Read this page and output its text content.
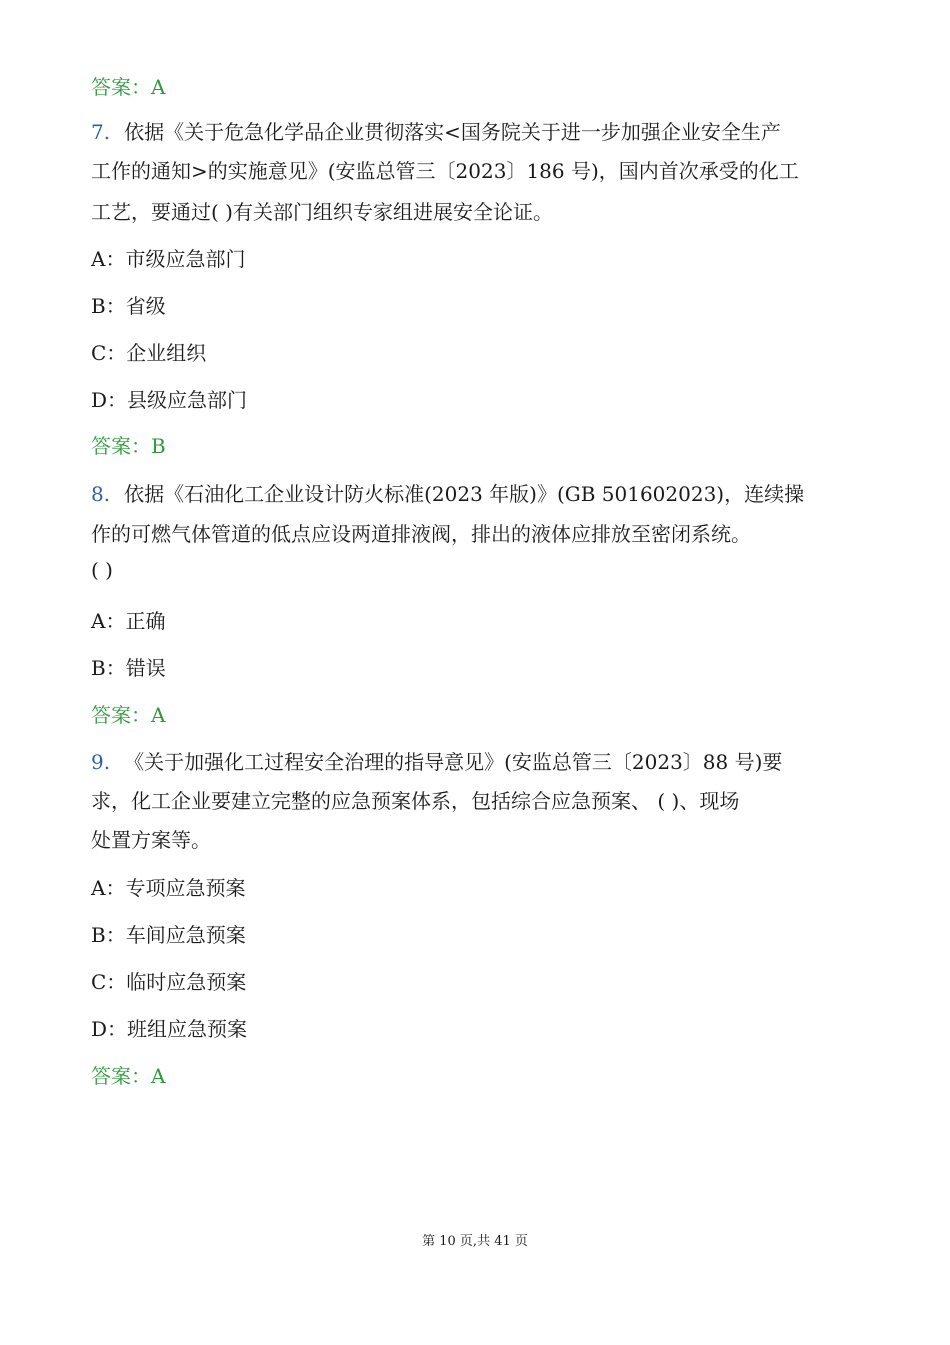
答案：A
7. 依据《关于危急化学品企业贯彻落实<国务院关于进一步加强企业安全生产
工作的通知>的实施意见》(安监总管三〔2023〕186 号)，国内首次承受的化工
工艺，要通过( )有关部门组织专家组进展安全论证。
A：市级应急部门
B：省级
C：企业组织
D：县级应急部门
答案：B
8. 依据《石油化工企业设计防火标准(2023 年版)》(GB 501602023)，连续操
作的可燃气体管道的低点应设两道排液阀，排出的液体应排放至密闭系统。
( )
A：正确
B：错误
答案：A
9. 《关于加强化工过程安全治理的指导意见》(安监总管三〔2023〕88 号)要
求，化工企业要建立完整的应急预案体系，包括综合应急预案、 ( )、现场
处置方案等。
A：专项应急预案
B：车间应急预案
C：临时应急预案
D：班组应急预案
答案：A
第 10 页,共 41 页
